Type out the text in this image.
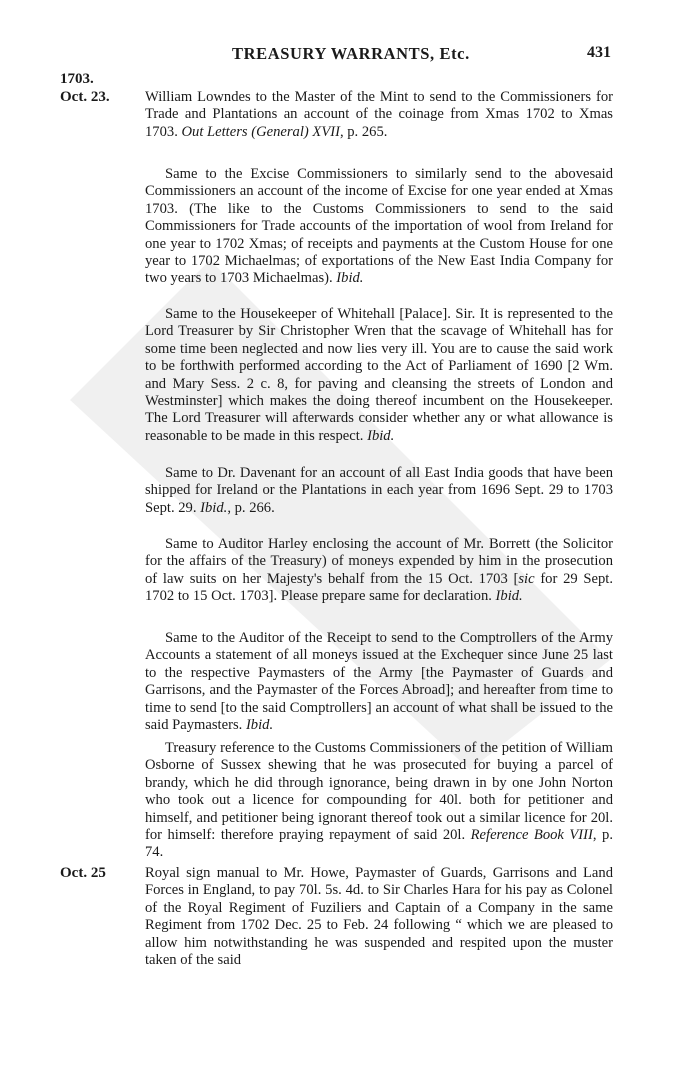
TREASURY WARRANTS, Etc.	431
1703.
Oct. 23.
Oct. 25

William Lowndes to the Master of the Mint to send to the Commissioners for Trade and Plantations an account of the coinage from Xmas 1702 to Xmas 1703. Out Letters (General) XVII, p. 265.

Same to the Excise Commissioners to similarly send to the abovesaid Commissioners an account of the income of Excise for one year ended at Xmas 1703. (The like to the Customs Commissioners to send to the said Commissioners for Trade accounts of the importation of wool from Ireland for one year to 1702 Xmas; of receipts and payments at the Custom House for one year to 1702 Michaelmas; of exportations of the New East India Company for two years to 1703 Michaelmas). Ibid.

Same to the Housekeeper of Whitehall [Palace]. Sir. It is represented to the Lord Treasurer by Sir Christopher Wren that the scavage of Whitehall has for some time been neglected and now lies very ill. You are to cause the said work to be forthwith performed according to the Act of Parliament of 1690 [2 Wm. and Mary Sess. 2 c. 8, for paving and cleansing the streets of London and Westminster] which makes the doing thereof incumbent on the Housekeeper. The Lord Treasurer will afterwards consider whether any or what allowance is reasonable to be made in this respect. Ibid.

Same to Dr. Davenant for an account of all East India goods that have been shipped for Ireland or the Plantations in each year from 1696 Sept. 29 to 1703 Sept. 29. Ibid., p. 266.

Same to Auditor Harley enclosing the account of Mr. Borrett (the Solicitor for the affairs of the Treasury) of moneys expended by him in the prosecution of law suits on her Majesty's behalf from the 15 Oct. 1703 [sic for 29 Sept. 1702 to 15 Oct. 1703]. Please prepare same for declaration. Ibid.

Same to the Auditor of the Receipt to send to the Comptrollers of the Army Accounts a statement of all moneys issued at the Exchequer since June 25 last to the respective Paymasters of the Army [the Paymaster of Guards and Garrisons, and the Paymaster of the Forces Abroad]; and hereafter from time to time to send [to the said Comptrollers] an account of what shall be issued to the said Paymasters. Ibid.

Treasury reference to the Customs Commissioners of the petition of William Osborne of Sussex shewing that he was prosecuted for buying a parcel of brandy, which he did through ignorance, being drawn in by one John Norton who took out a licence for compounding for 40l. both for petitioner and himself, and petitioner being ignorant thereof took out a similar licence for 20l. for himself: therefore praying repayment of said 20l. Reference Book VIII, p. 74.

Royal sign manual to Mr. Howe, Paymaster of Guards, Garrisons and Land Forces in England, to pay 70l. 5s. 4d. to Sir Charles Hara for his pay as Colonel of the Royal Regiment of Fuziliers and Captain of a Company in the same Regiment from 1702 Dec. 25 to Feb. 24 following “ which we are pleased to allow him notwithstanding he was suspended and respited upon the muster taken of the said
